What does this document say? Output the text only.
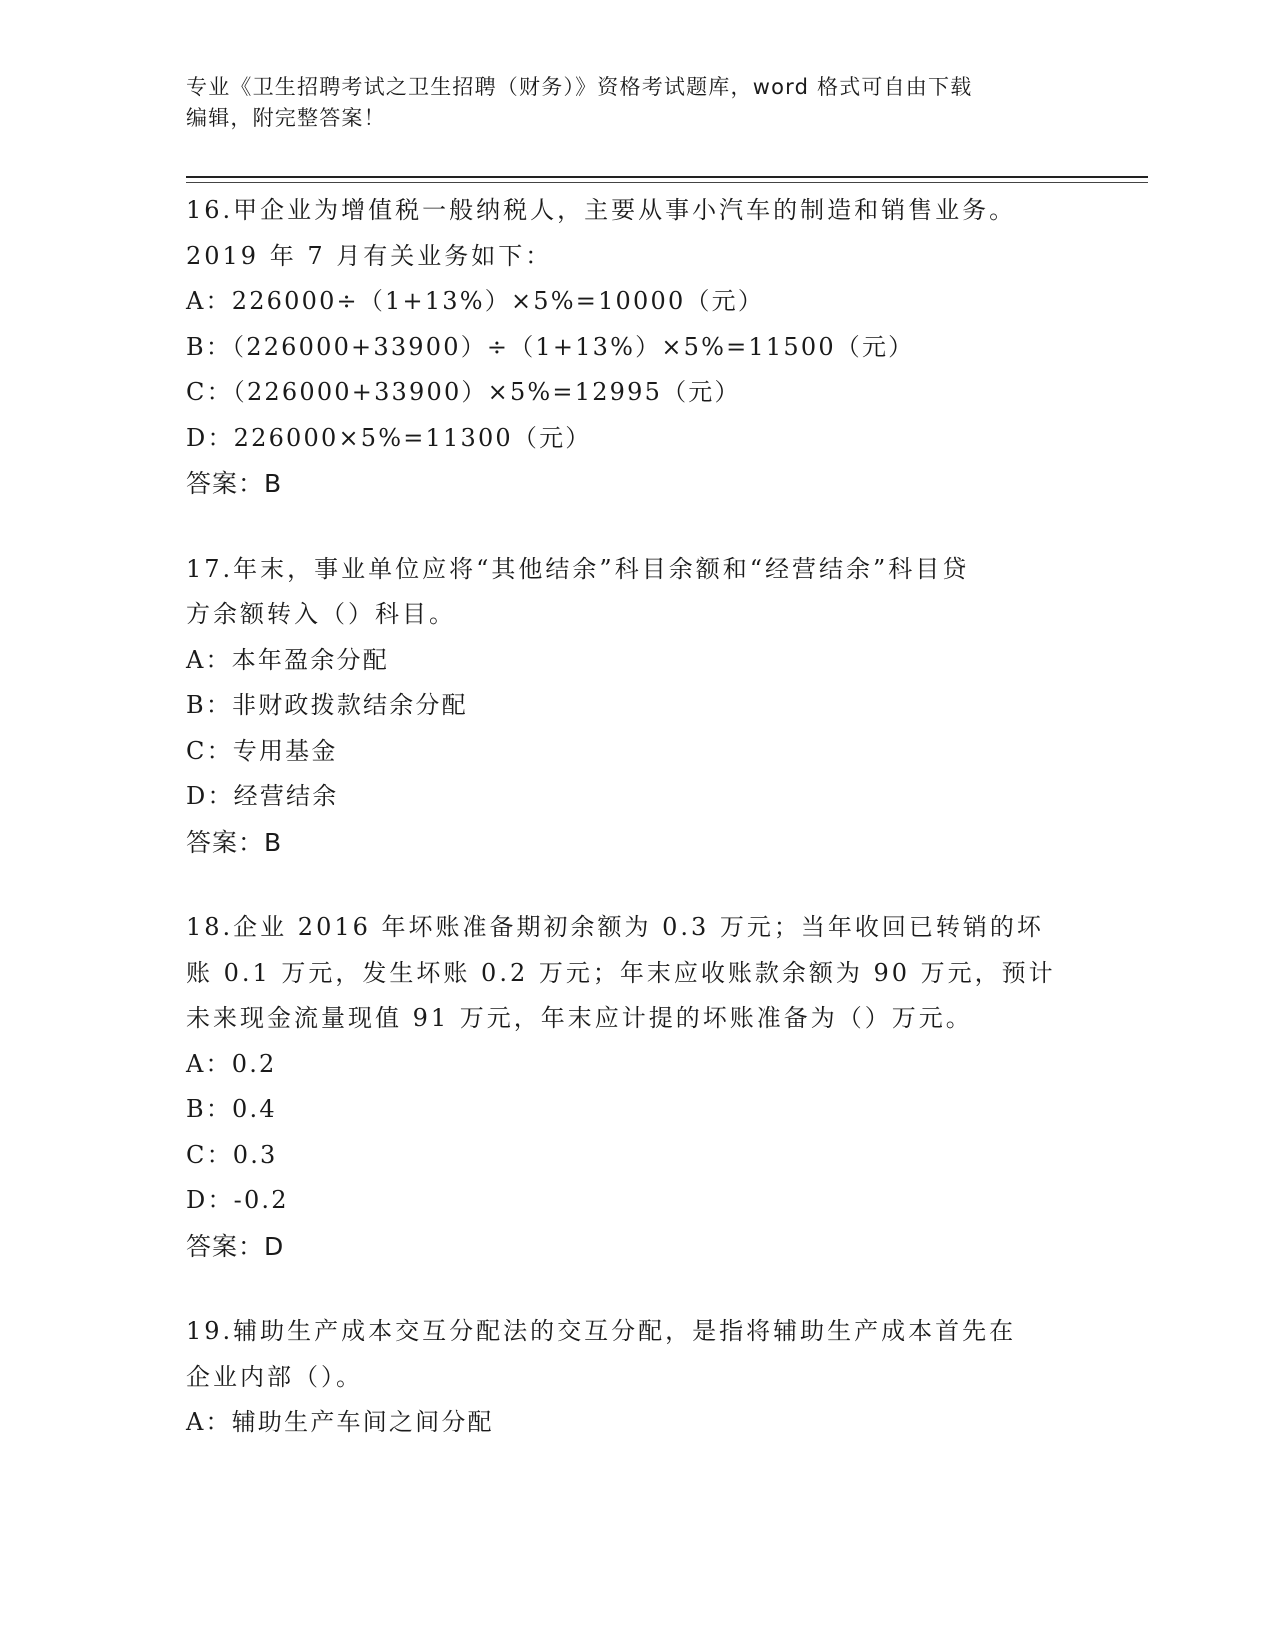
专业《卫生招聘考试之卫生招聘（财务）》资格考试题库，word 格式可自由下载
编辑，附完整答案！
16.甲企业为增值税一般纳税人，主要从事小汽车的制造和销售业务。
2019 年 7 月有关业务如下：
A：226000÷（1+13%）×5%=10000（元）
B：（226000+33900）÷（1+13%）×5%=11500（元）
C：（226000+33900）×5%=12995（元）
D：226000×5%=11300（元）
答案：B
17.年末，事业单位应将“其他结余”科目余额和“经营结余”科目贷
方余额转入（）科目。
A：本年盈余分配
B：非财政拨款结余分配
C：专用基金
D：经营结余
答案：B
18.企业 2016 年坏账准备期初余额为 0.3 万元；当年收回已转销的坏
账 0.1 万元，发生坏账 0.2 万元；年末应收账款余额为 90 万元，预计
未来现金流量现值 91 万元，年末应计提的坏账准备为（）万元。
A：0.2
B：0.4
C：0.3
D：-0.2
答案：D
19.辅助生产成本交互分配法的交互分配，是指将辅助生产成本首先在
企业内部（）。
A：辅助生产车间之间分配
